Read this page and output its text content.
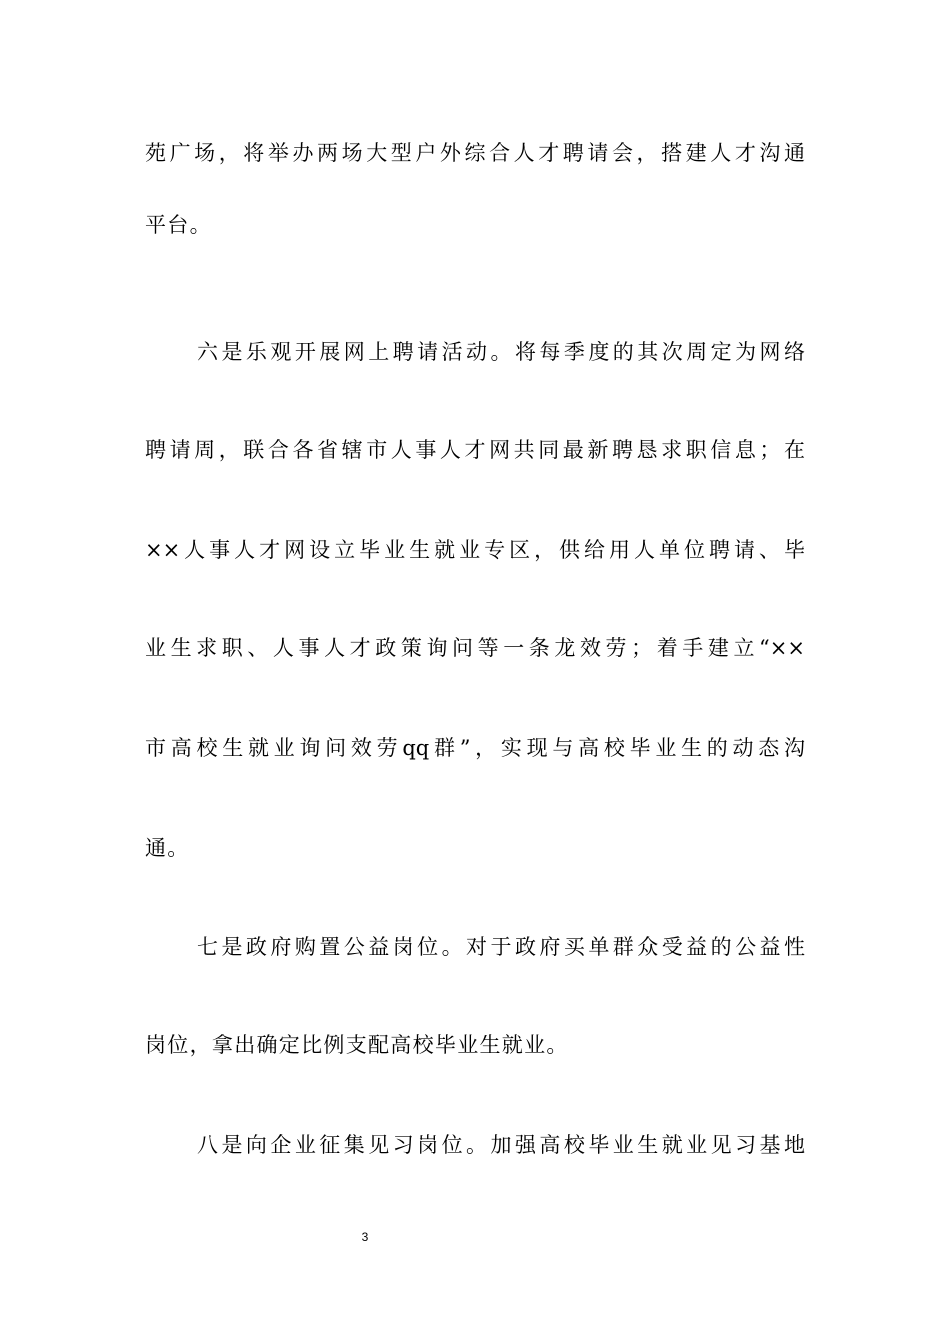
苑广场，将举办两场大型户外综合人才聘请会，搭建人才沟通
平台。
六是乐观开展网上聘请活动。将每季度的其次周定为网络
聘请周，联合各省辖市人事人才网共同最新聘恳求职信息；在
××人事人才网设立毕业生就业专区，供给用人单位聘请、毕
业生求职、人事人才政策询问等一条龙效劳；着手建立“××
市高校生就业询问效劳qq群”，实现与高校毕业生的动态沟
通。
七是政府购置公益岗位。对于政府买单群众受益的公益性
岗位，拿出确定比例支配高校毕业生就业。
八是向企业征集见习岗位。加强高校毕业生就业见习基地
3
